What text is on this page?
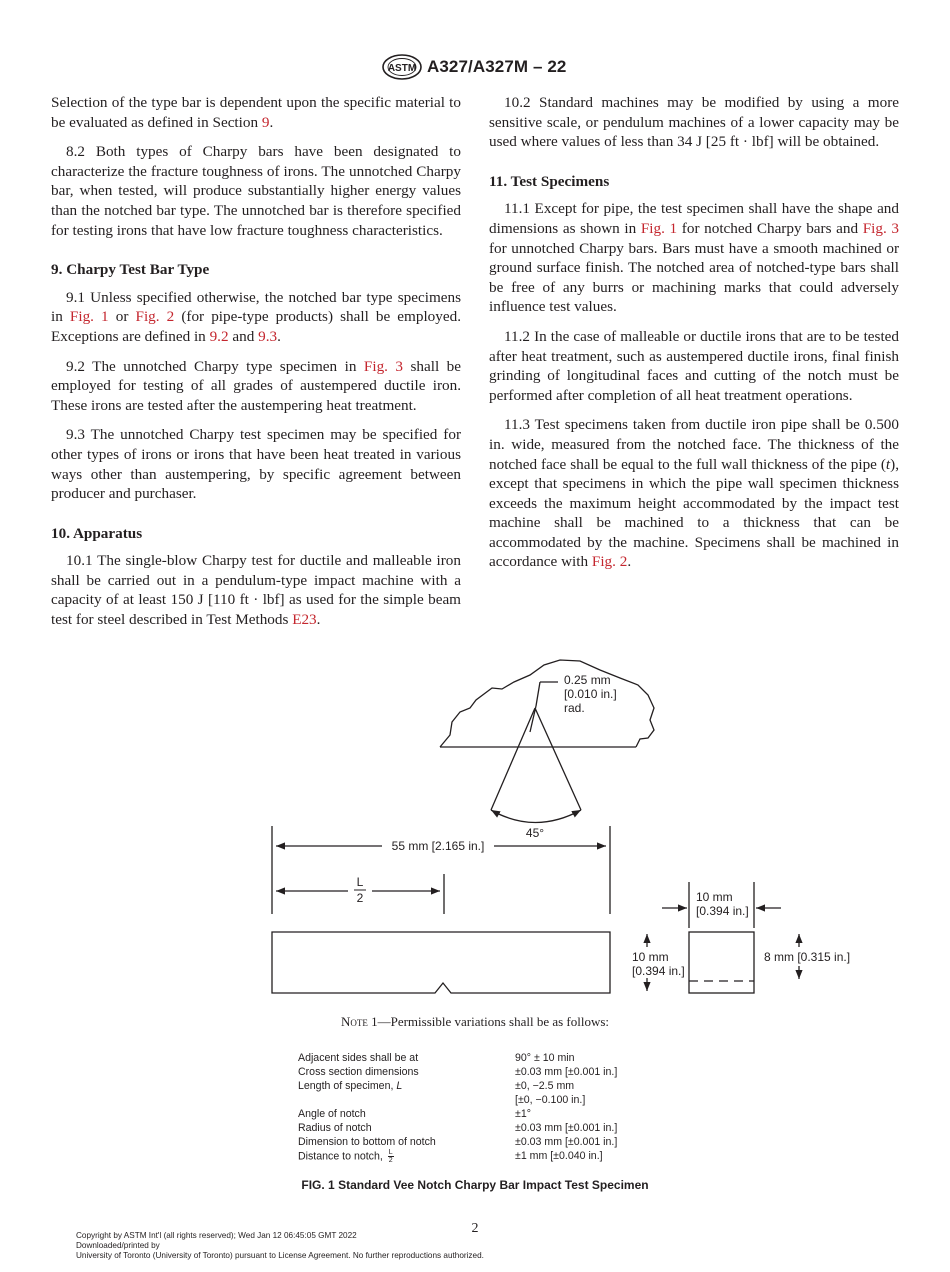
ASTM A327/A327M – 22

Selection of the type bar is dependent upon the specific material to be evaluated as defined in Section 9.

8.2 Both types of Charpy bars have been designated to characterize the fracture toughness of irons. The unnotched Charpy bar, when tested, will produce substantially higher energy values than the notched bar type. The unnotched bar is therefore specified for testing irons that have low fracture toughness characteristics.

9. Charpy Test Bar Type

9.1 Unless specified otherwise, the notched bar type specimens in Fig. 1 or Fig. 2 (for pipe-type products) shall be employed. Exceptions are defined in 9.2 and 9.3.

9.2 The unnotched Charpy type specimen in Fig. 3 shall be employed for testing of all grades of austempered ductile iron. These irons are tested after the austempering heat treatment.

9.3 The unnotched Charpy test specimen may be specified for other types of irons or irons that have been heat treated in various ways other than austempering, by specific agreement between producer and purchaser.

10. Apparatus

10.1 The single-blow Charpy test for ductile and malleable iron shall be carried out in a pendulum-type impact machine with a capacity of at least 150 J [110 ft · lbf] as used for the simple beam test for steel described in Test Methods E23.

10.2 Standard machines may be modified by using a more sensitive scale, or pendulum machines of a lower capacity may be used where values of less than 34 J [25 ft · lbf] will be obtained.

11. Test Specimens

11.1 Except for pipe, the test specimen shall have the shape and dimensions as shown in Fig. 1 for notched Charpy bars and Fig. 3 for unnotched Charpy bars. Bars must have a smooth machined or ground surface finish. The notched area of notched-type bars shall be free of any burrs or machining marks that could adversely influence test values.

11.2 In the case of malleable or ductile irons that are to be tested after heat treatment, such as austempered ductile irons, final finish grinding of longitudinal faces and cutting of the notch must be performed after completion of all heat treatment operations.

11.3 Test specimens taken from ductile iron pipe shall be 0.500 in. wide, measured from the notched face. The thickness of the notched face shall be equal to the full wall thickness of the pipe (t), except that specimens in which the pipe wall specimen thickness exceeds the maximum height accommodated by the impact test machine shall be machined to a thickness that can be accommodated by the machine. Specimens shall be machined in accordance with Fig. 2.

0.25 mm
[0.010 in.]
rad.
45°
55 mm [2.165 in.]
L
2	10 mm
[0.394 in.]
10 mm
[0.394 in.]
8 mm [0.315 in.]
Note 1—Permissible variations shall be as follows:
Adjacent sides shall be at	90° ± 10 min
Cross section dimensions	±0.03 mm [±0.001 in.]
Length of specimen, L	±0, −2.5 mm
[±0, −0.100 in.]
Angle of notch	±1°
Radius of notch	±0.03 mm [±0.001 in.]
Dimension to bottom of notch	±0.03 mm [±0.001 in.]
Distance to notch, $\frac{L}{2}$	±1 mm [±0.040 in.]
FIG. 1 Standard Vee Notch Charpy Bar Impact Test Specimen
2
Copyright by ASTM Int'l (all rights reserved); Wed Jan 12 06:45:05 GMT 2022
Downloaded/printed by
University of Toronto (University of Toronto) pursuant to License Agreement. No further reproductions authorized.
